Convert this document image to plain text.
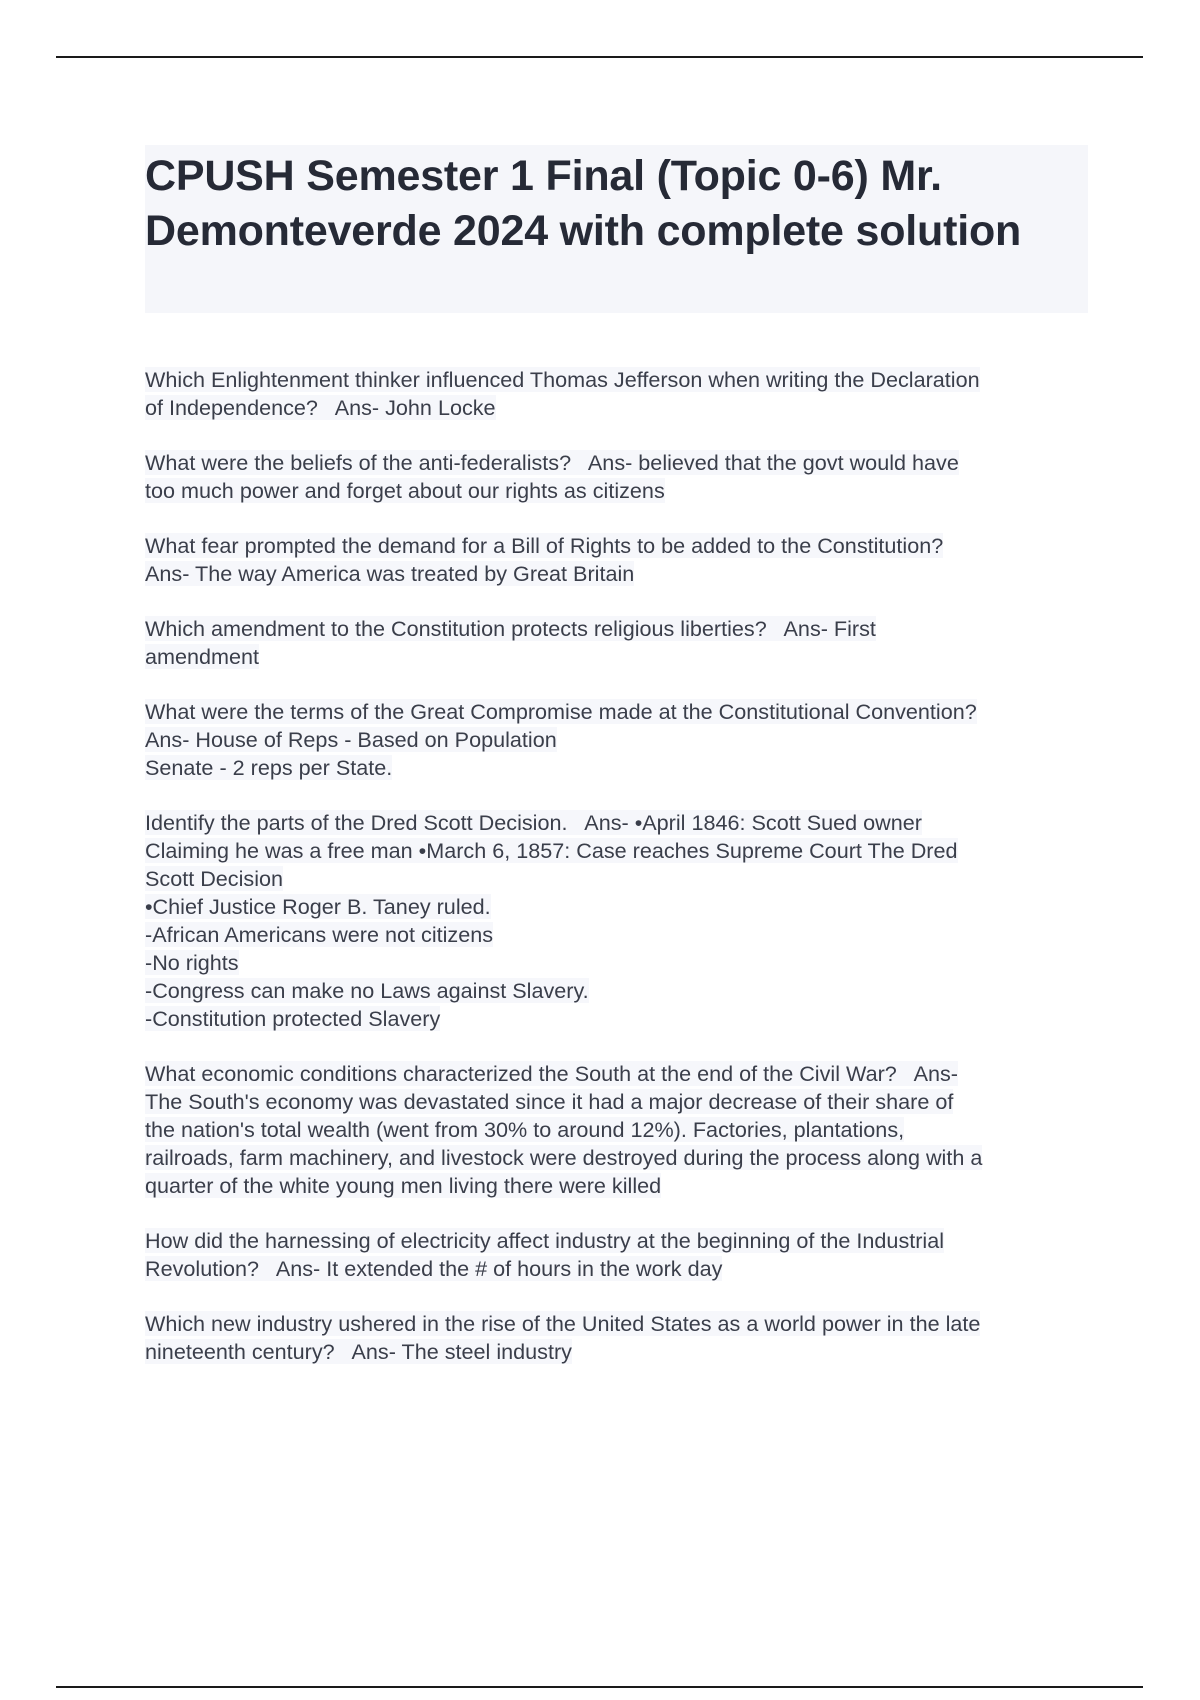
CPUSH Semester 1 Final (Topic 0-6) Mr. Demonteverde 2024 with complete solution

Which Enlightenment thinker influenced Thomas Jefferson when writing the Declaration

of Independence?   Ans- John Locke

What were the beliefs of the anti-federalists?   Ans- believed that the govt would have

too much power and forget about our rights as citizens

What fear prompted the demand for a Bill of Rights to be added to the Constitution?

Ans- The way America was treated by Great Britain

Which amendment to the Constitution protects religious liberties?   Ans- First

amendment

What were the terms of the Great Compromise made at the Constitutional Convention?

Ans- House of Reps - Based on Population

Senate - 2 reps per State.

Identify the parts of the Dred Scott Decision.   Ans- •April 1846: Scott Sued owner

Claiming he was a free man •March 6, 1857: Case reaches Supreme Court The Dred

Scott Decision

•Chief Justice Roger B. Taney ruled.

-African Americans were not citizens

-No rights

-Congress can make no Laws against Slavery.

-Constitution protected Slavery

What economic conditions characterized the South at the end of the Civil War?   Ans-

The South's economy was devastated since it had a major decrease of their share of

the nation's total wealth (went from 30% to around 12%). Factories, plantations,

railroads, farm machinery, and livestock were destroyed during the process along with a

quarter of the white young men living there were killed

How did the harnessing of electricity affect industry at the beginning of the Industrial

Revolution?   Ans- It extended the # of hours in the work day

Which new industry ushered in the rise of the United States as a world power in the late

nineteenth century?   Ans- The steel industry
